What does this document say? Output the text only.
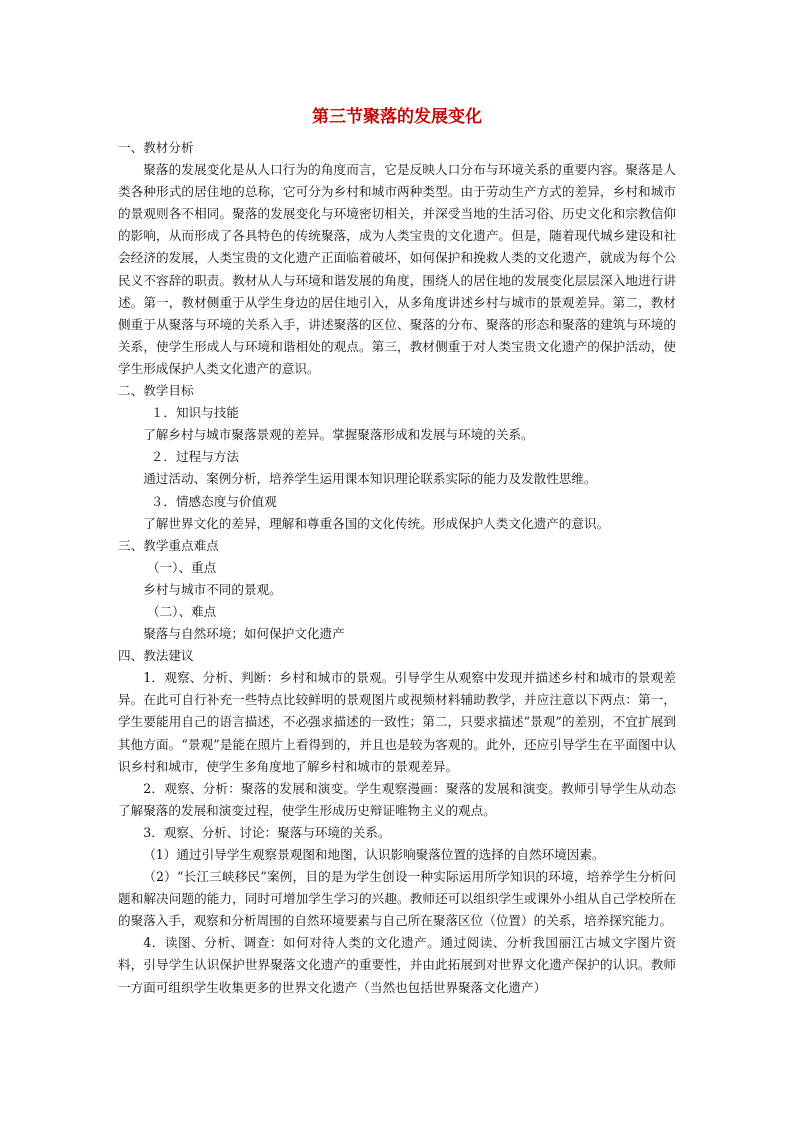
第三节聚落的发展变化

一、教材分析

聚落的发展变化是从人口行为的角度而言，它是反映人口分布与环境关系的重要内容。聚落是人类各种形式的居住地的总称，它可分为乡村和城市两种类型。由于劳动生产方式的差异，乡村和城市的景观则各不相同。聚落的发展变化与环境密切相关，并深受当地的生活习俗、历史文化和宗教信仰的影响，从而形成了各具特色的传统聚落，成为人类宝贵的文化遗产。但是，随着现代城乡建设和社会经济的发展，人类宝贵的文化遗产正面临着破坏，如何保护和挽救人类的文化遗产，就成为每个公民义不容辞的职责。教材从人与环境和谐发展的角度，围绕人的居住地的发展变化层层深入地进行讲述。第一，教材侧重于从学生身边的居住地引入，从多角度讲述乡村与城市的景观差异。第二，教材侧重于从聚落与环境的关系入手，讲述聚落的区位、聚落的分布、聚落的形态和聚落的建筑与环境的关系，使学生形成人与环境和谐相处的观点。第三，教材侧重于对人类宝贵文化遗产的保护活动，使学生形成保护人类文化遗产的意识。

二、教学目标

１．知识与技能

了解乡村与城市聚落景观的差异。掌握聚落形成和发展与环境的关系。

２．过程与方法

通过活动、案例分析，培养学生运用课本知识理论联系实际的能力及发散性思维。

３．情感态度与价值观

了解世界文化的差异，理解和尊重各国的文化传统。形成保护人类文化遗产的意识。

三、教学重点难点

（一）、重点

乡村与城市不同的景观。

（二）、难点

聚落与自然环境；如何保护文化遗产

四、教法建议

1．观察、分析、判断：乡村和城市的景观。引导学生从观察中发现并描述乡村和城市的景观差异。在此可自行补充一些特点比较鲜明的景观图片或视频材料辅助教学，并应注意以下两点：第一，学生要能用自己的语言描述，不必强求描述的一致性；第二，只要求描述“景观”的差别，不宜扩展到其他方面。“景观”是能在照片上看得到的，并且也是较为客观的。此外，还应引导学生在平面图中认识乡村和城市，使学生多角度地了解乡村和城市的景观差异。

2．观察、分析：聚落的发展和演变。学生观察漫画：聚落的发展和演变。教师引导学生从动态了解聚落的发展和演变过程，使学生形成历史辩证唯物主义的观点。

3．观察、分析、讨论：聚落与环境的关系。

（1）通过引导学生观察景观图和地图，认识影响聚落位置的选择的自然环境因素。

（2）“长江三峡移民”案例，目的是为学生创设一种实际运用所学知识的环境，培养学生分析问题和解决问题的能力，同时可增加学生学习的兴趣。教师还可以组织学生或课外小组从自己学校所在的聚落入手，观察和分析周围的自然环境要素与自己所在聚落区位（位置）的关系，培养探究能力。

4．读图、分析、调查：如何对待人类的文化遗产。通过阅读、分析我国丽江古城文字图片资料，引导学生认识保护世界聚落文化遗产的重要性，并由此拓展到对世界文化遗产保护的认识。教师一方面可组织学生收集更多的世界文化遗产（当然也包括世界聚落文化遗产）
